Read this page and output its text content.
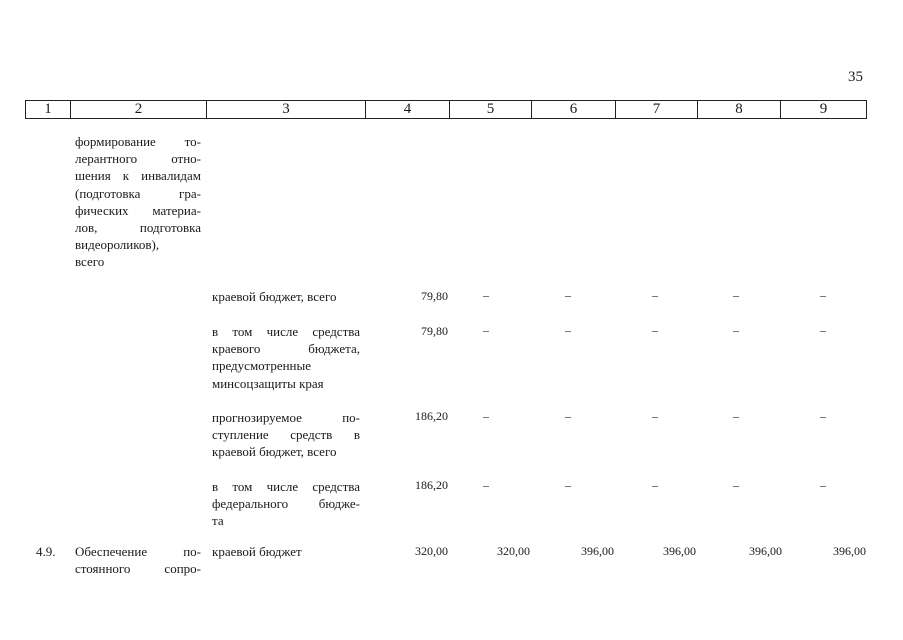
35
1	2	3	4	5	6	7	8	9
формирование то-
лерантного отно-
шения к инвалидам
(подготовка гра-
фических материа-
лов, подготовка
видеороликов),
всего
краевой бюджет, всего	79,80	–	–	–	–	–
в том числе средства
краевого бюджета,
предусмотренные
минсоцзащиты края
79,80	–	–	–	–	–
прогнозируемое по-
ступление средств в
краевой бюджет, всего
186,20	–	–	–	–	–
в том числе средства
федерального бюдже-
та
186,20	–	–	–	–	–
4.9. Обеспечение по-
стоянного сопро-
краевой бюджет	320,00	320,00	396,00	396,00	396,00	396,00
